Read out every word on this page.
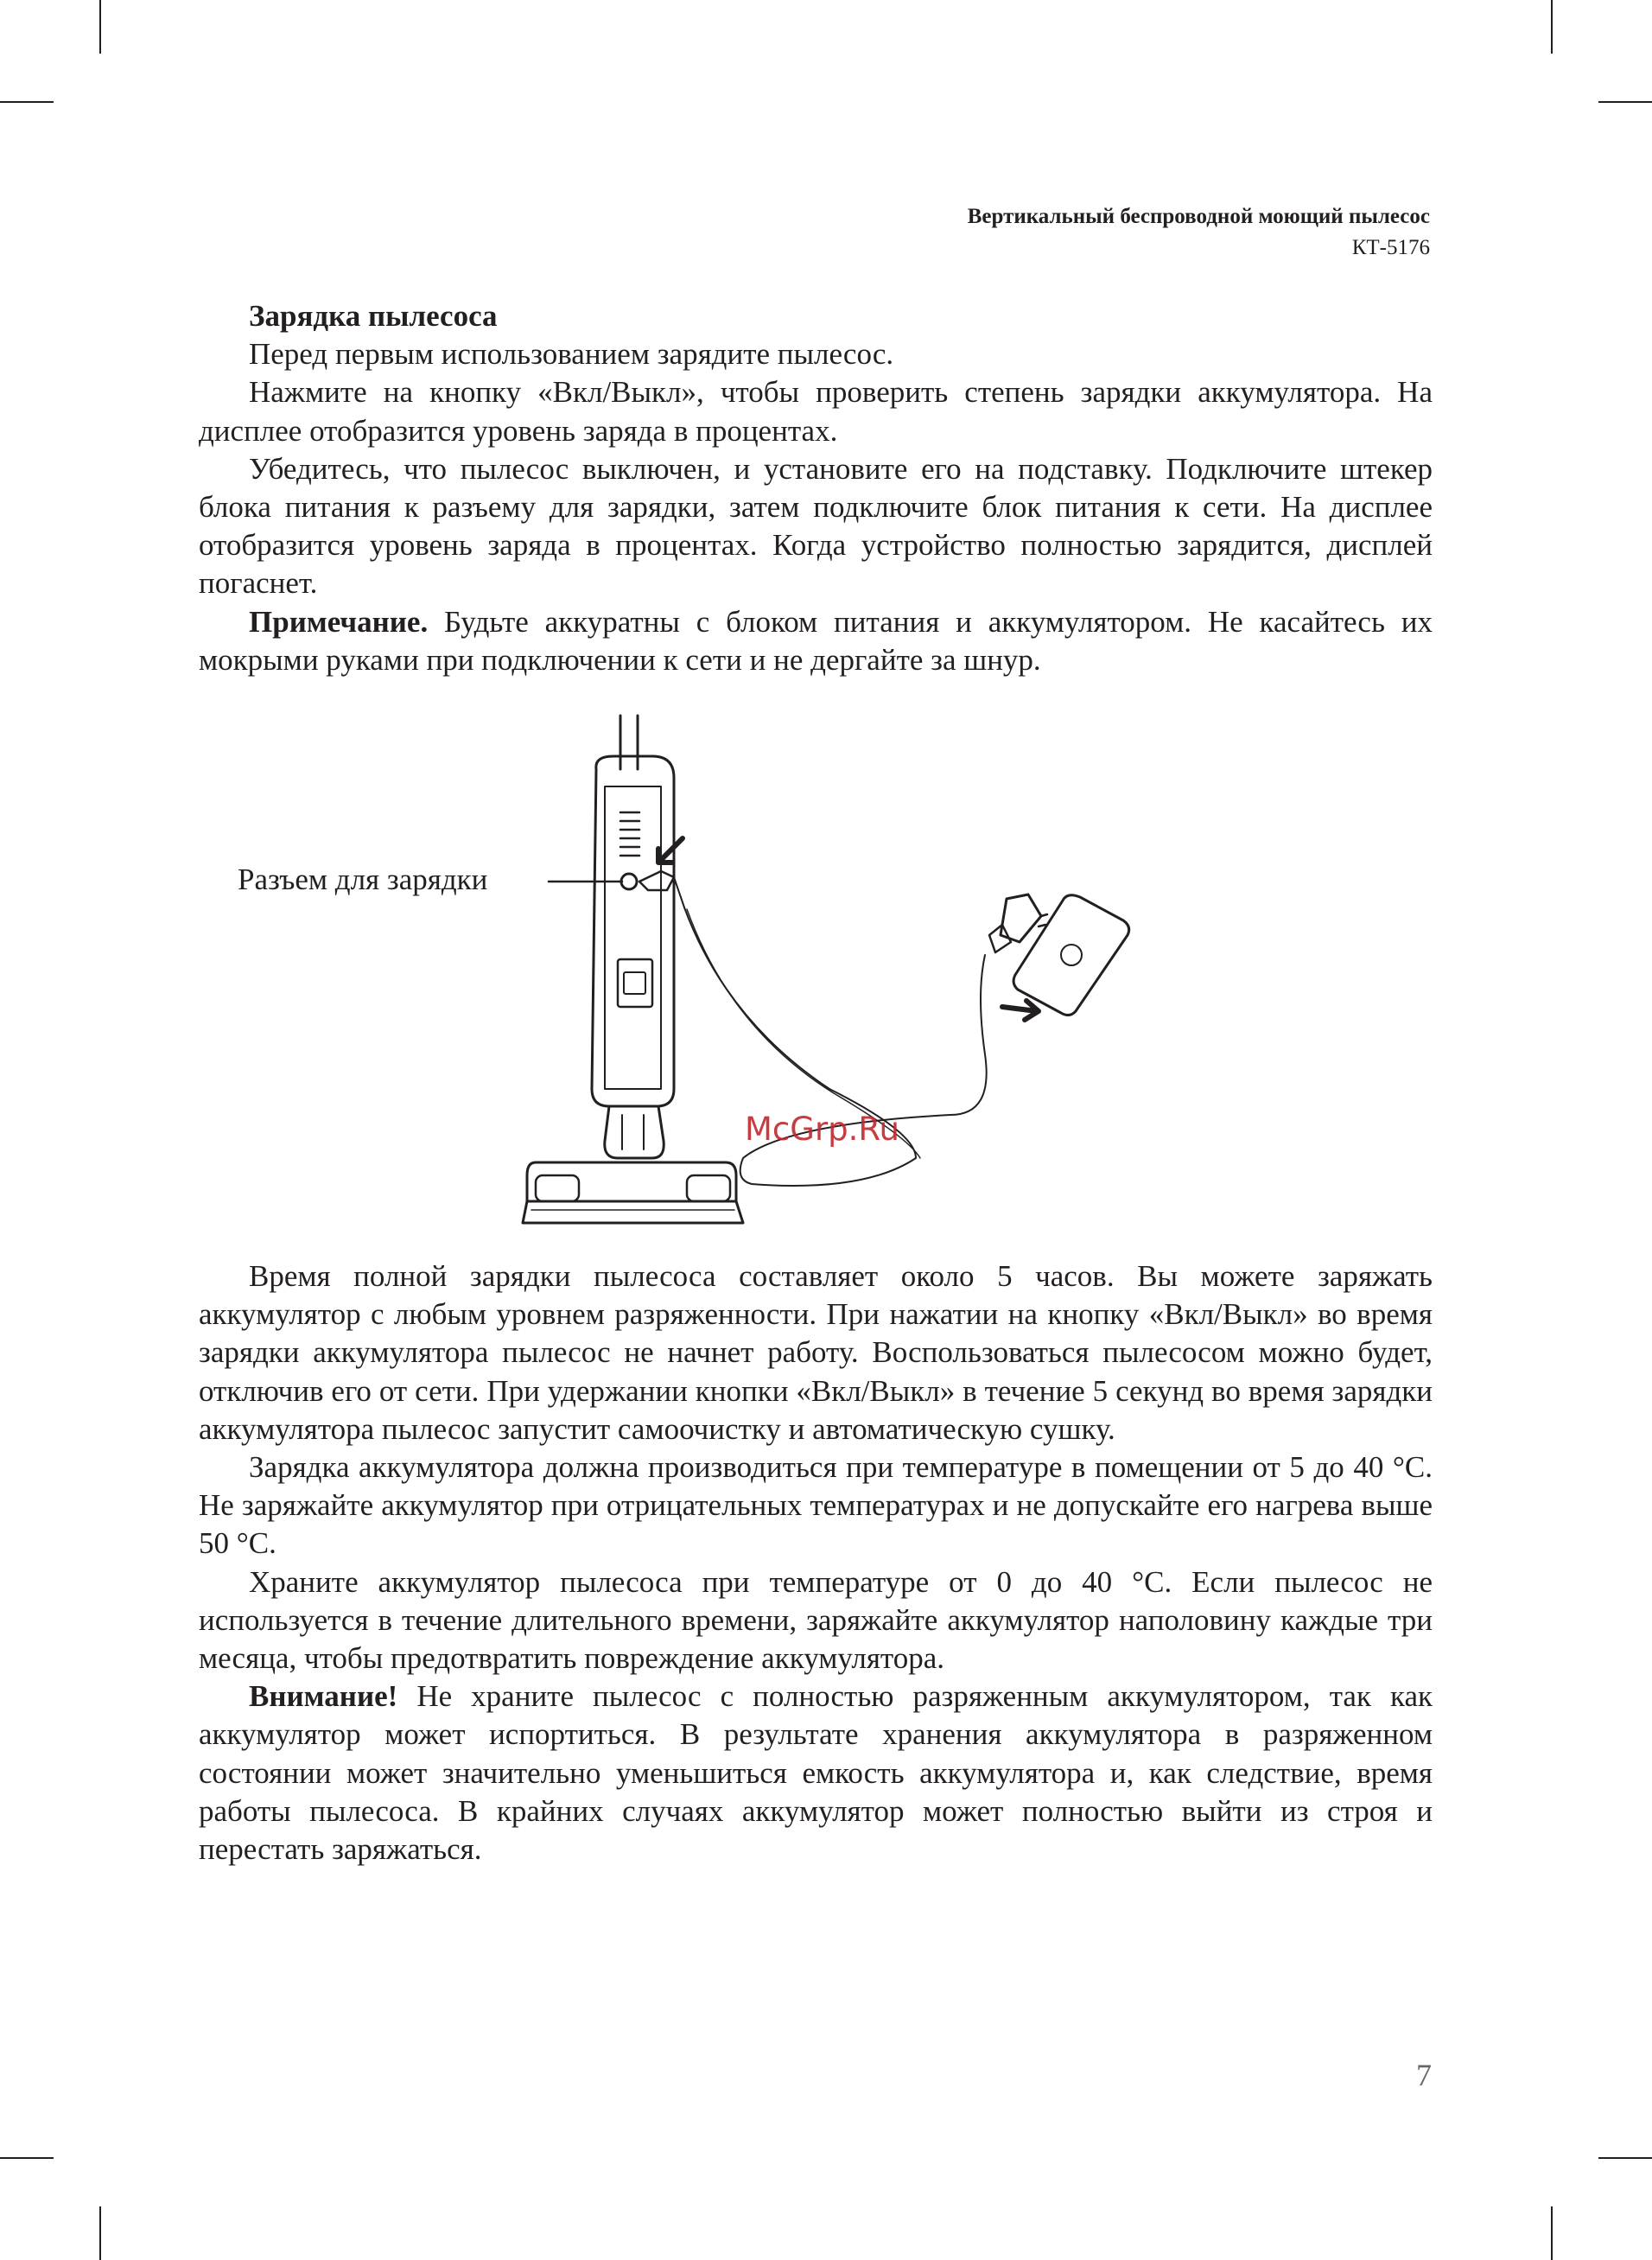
Вертикальный беспроводной моющий пылесос
КТ-5176
Зарядка пылесоса

Перед первым использованием зарядите пылесос.

Нажмите на кнопку «Вкл/Выкл», чтобы проверить степень зарядки аккумулятора. На дисплее отобразится уровень заряда в процентах.

Убедитесь, что пылесос выключен, и установите его на подставку. Подключите штекер блока питания к разъему для зарядки, затем подключите блок питания к сети. На дисплее отобразится уровень заряда в процентах. Когда устройство полностью зарядится, дисплей погаснет.

Примечание. Будьте аккуратны с блоком питания и аккумулятором. Не касайтесь их мокрыми руками при подключении к сети и не дергайте за шнур.

Разъем для зарядки
McGrp.Ru

Время полной зарядки пылесоса составляет около 5 часов. Вы можете заряжать аккумулятор с любым уровнем разряженности. При нажатии на кнопку «Вкл/Выкл» во время зарядки аккумулятора пылесос не начнет работу. Воспользоваться пылесосом можно будет, отключив его от сети. При удержании кнопки «Вкл/Выкл» в течение 5 секунд во время зарядки аккумулятора пылесос запустит самоочистку и автоматическую сушку.

Зарядка аккумулятора должна производиться при температуре в помещении от 5 до 40 °С. Не заряжайте аккумулятор при отрицательных температурах и не допускайте его нагрева выше 50 °С.

Храните аккумулятор пылесоса при температуре от 0 до 40 °С. Если пылесос не используется в течение длительного времени, заряжайте аккумулятор наполовину каждые три месяца, чтобы предотвратить повреждение аккумулятора.

Внимание! Не храните пылесос с полностью разряженным аккумулятором, так как аккумулятор может испортиться. В результате хранения аккумулятора в разряженном состоянии может значительно уменьшиться емкость аккумулятора и, как следствие, время работы пылесоса. В крайних случаях аккумулятор может полностью выйти из строя и перестать заряжаться.

7
